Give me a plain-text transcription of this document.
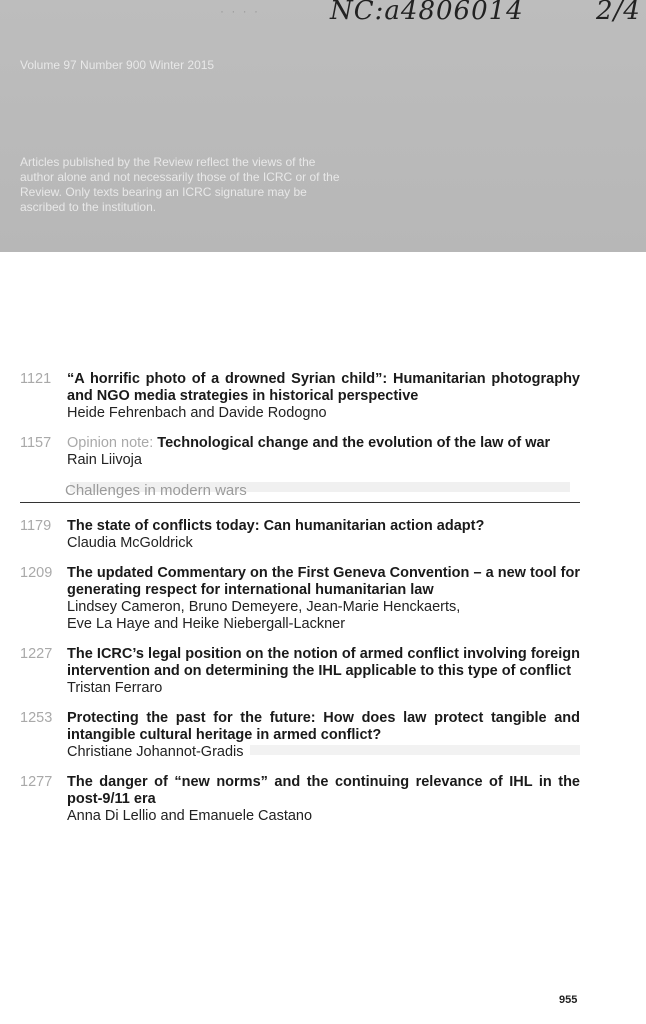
· · · ·	NC:a4806014	2/4
Volume 97 Number 900 Winter 2015
Articles published by the Review reflect the views of the author alone and not necessarily those of the ICRC or of the Review. Only texts bearing an ICRC signature may be ascribed to the institution.
1121 “A horrific photo of a drowned Syrian child”: Humanitarian photography and NGO media strategies in historical perspective
Heide Fehrenbach and Davide Rodogno
1157 Opinion note: Technological change and the evolution of the law of war
Rain Liivoja
Challenges in modern wars
1179 The state of conflicts today: Can humanitarian action adapt?
Claudia McGoldrick
1209 The updated Commentary on the First Geneva Convention – a new tool for generating respect for international humanitarian law
Lindsey Cameron, Bruno Demeyere, Jean-Marie Henckaerts,
Eve La Haye and Heike Niebergall-Lackner
1227 The ICRC’s legal position on the notion of armed conflict involving foreign intervention and on determining the IHL applicable to this type of conflict
Tristan Ferraro
1253 Protecting the past for the future: How does law protect tangible and intangible cultural heritage in armed conflict?
Christiane Johannot-Gradis
1277 The danger of “new norms” and the continuing relevance of IHL in the post-9/11 era
Anna Di Lellio and Emanuele Castano
955
